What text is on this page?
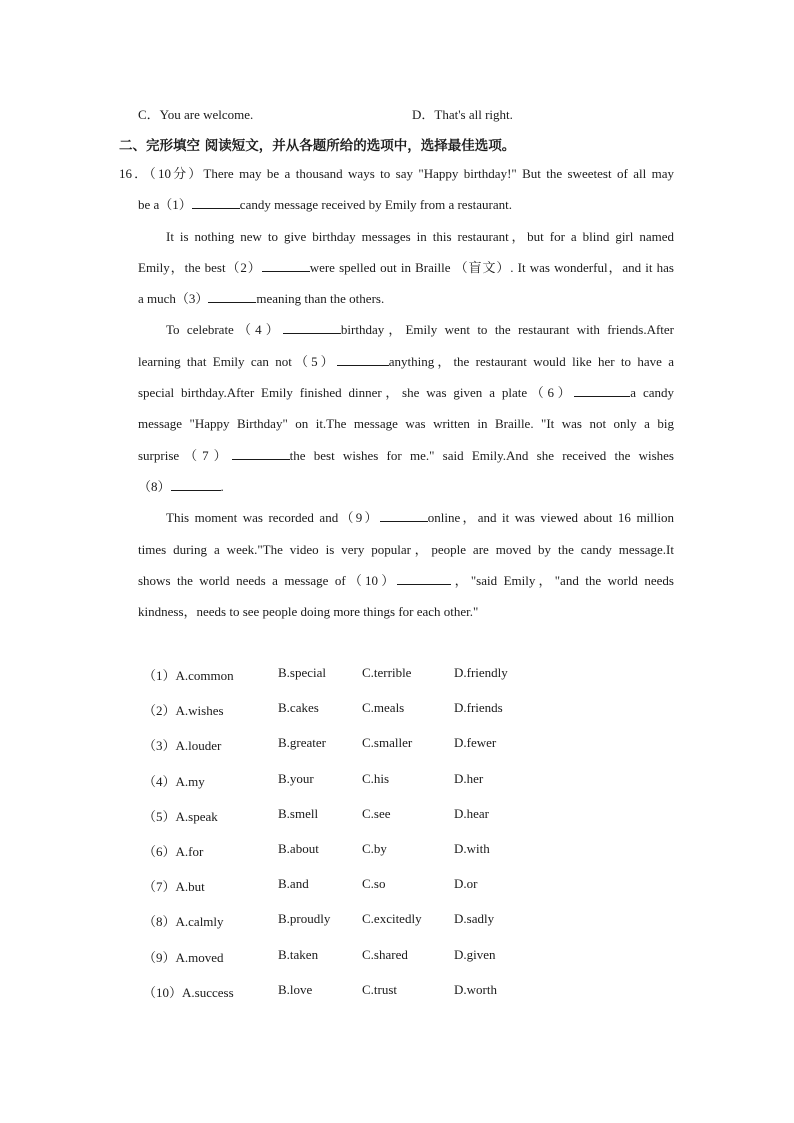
C．You are welcome.	D．That's all right.
二、完形填空 阅读短文，并从各题所给的选项中，选择最佳选项。
16．（10分）There may be a thousand ways to say "Happy birthday!" But the sweetest of all may
be a（1）	candy message received by Emily from a restaurant.
It is nothing new to give birthday messages in this restaurant，but for a blind girl named
Emily，the best（2）	were spelled out in Braille （盲文）. It was wonderful，and it has
a much（3）	meaning than the others.
To celebrate（4）	birthday，Emily went to the restaurant with friends.After
learning that Emily can not（5）	anything，the restaurant would like her to have a
special birthday.After Emily finished dinner，she was given a plate（6）	a candy
message "Happy Birthday" on it.The message was written in Braille. "It was not only a big
surprise（7）	the best wishes for me." said Emily.And she received the wishes
（8）	.
This moment was recorded and（9）	online，and it was viewed about 16 million
times during a week."The video is very popular，people are moved by the candy message.It
shows the world needs a message of（10）	，"said Emily，"and the world needs
kindness，needs to see people doing more things for each other."
（1）A.common	B.special	C.terrible	D.friendly
（2）A.wishes	B.cakes	C.meals	D.friends
（3）A.louder	B.greater	C.smaller	D.fewer
（4）A.my	B.your	C.his	D.her
（5）A.speak	B.smell	C.see	D.hear
（6）A.for	B.about	C.by	D.with
（7）A.but	B.and	C.so	D.or
（8）A.calmly	B.proudly C.excitedly D.sadly
（9）A.moved	B.taken	C.shared	D.given
（10）A.success	B.love	C.trust	D.worth
